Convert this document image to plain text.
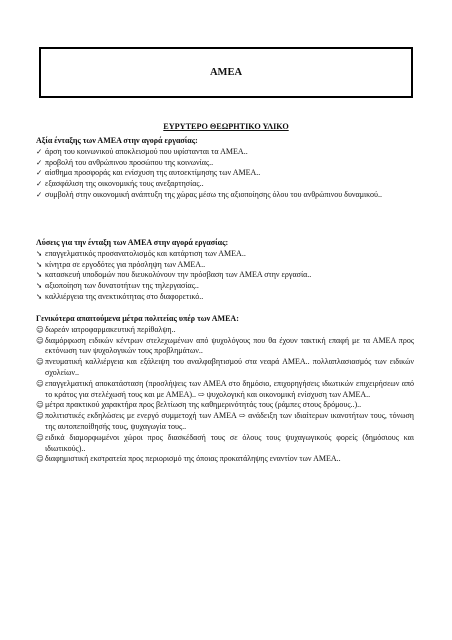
ΑΜΕΑ
ΕΥΡΥΤΕΡΟ ΘΕΩΡΗΤΙΚΟ ΥΛΙΚΟ
Αξία ένταξης των ΑΜΕΑ στην αγορά εργασίας:
✓ άρση του κοινωνικού αποκλεισμού που υφίστανται τα ΑΜΕΑ..
✓ προβολή του ανθρώπινου προσώπου της κοινωνίας..
✓ αίσθημα προσφοράς και ενίσχυση της αυτοεκτίμησης των ΑΜΕΑ..
✓ εξασφάλιση της οικονομικής τους ανεξαρτησίας..
✓ συμβολή στην οικονομική ανάπτυξη της χώρας μέσω της αξιοποίησης όλου του ανθρώπινου δυναμικού..
Λύσεις για την ένταξη των ΑΜΕΑ στην αγορά εργασίας:
➘ επαγγελματικός προσανατολισμός και κατάρτιση των ΑΜΕΑ..
➘ κίνητρα σε εργοδότες για πρόσληψη των ΑΜΕΑ..
➘ κατασκευή υποδομών που διευκολύνουν την πρόσβαση των ΑΜΕΑ στην εργασία..
➘ αξιοποίηση των δυνατοτήτων της τηλεργασίας..
➘ καλλιέργεια της ανεκτικότητας στο διαφορετικό..
Γενικότερα απαιτούμενα μέτρα πολιτείας υπέρ των ΑΜΕΑ:
☺ δωρεάν ιατροφαρμακευτική περίθαλψη..
☺ διαμόρφωση ειδικών κέντρων στελεχωμένων από ψυχολόγους που θα έχουν τακτική επαφή με τα ΑΜΕΑ προς εκτόνωση των ψυχολογικών τους προβλημάτων..
☺ πνευματική καλλιέργεια και εξάλειψη του αναλφαβητισμού στα νεαρά ΑΜΕΑ.. πολλαπλασιασμός των ειδικών σχολείων..
☺ επαγγελματική αποκατάσταση (προσλήψεις των ΑΜΕΑ στο δημόσιο, επιχορηγήσεις ιδιωτικών επιχειρήσεων από το κράτος για στελέχωσή τους και με ΑΜΕΑ).. ⇨ ψυχολογική και οικονομική ενίσχυση των ΑΜΕΑ..
☺ μέτρα πρακτικού χαρακτήρα προς βελτίωση της καθημερινότητάς τους (ράμπες στους δρόμους..)..
☺ πολιτιστικές εκδηλώσεις με ενεργό συμμετοχή των ΑΜΕΑ ⇨ ανάδειξη των ιδιαίτερων ικανοτήτων τους, τόνωση της αυτοπεποίθησής τους, ψυχαγωγία τους..
☺ ειδικά διαμορφωμένοι χώροι προς διασκέδασή τους σε όλους τους ψυχαγωγικούς φορείς (δημόσιους και ιδιωτικούς)..
☺ διαφημιστική εκστρατεία προς περιορισμό της όποιας προκατάληψης εναντίον των ΑΜΕΑ..
